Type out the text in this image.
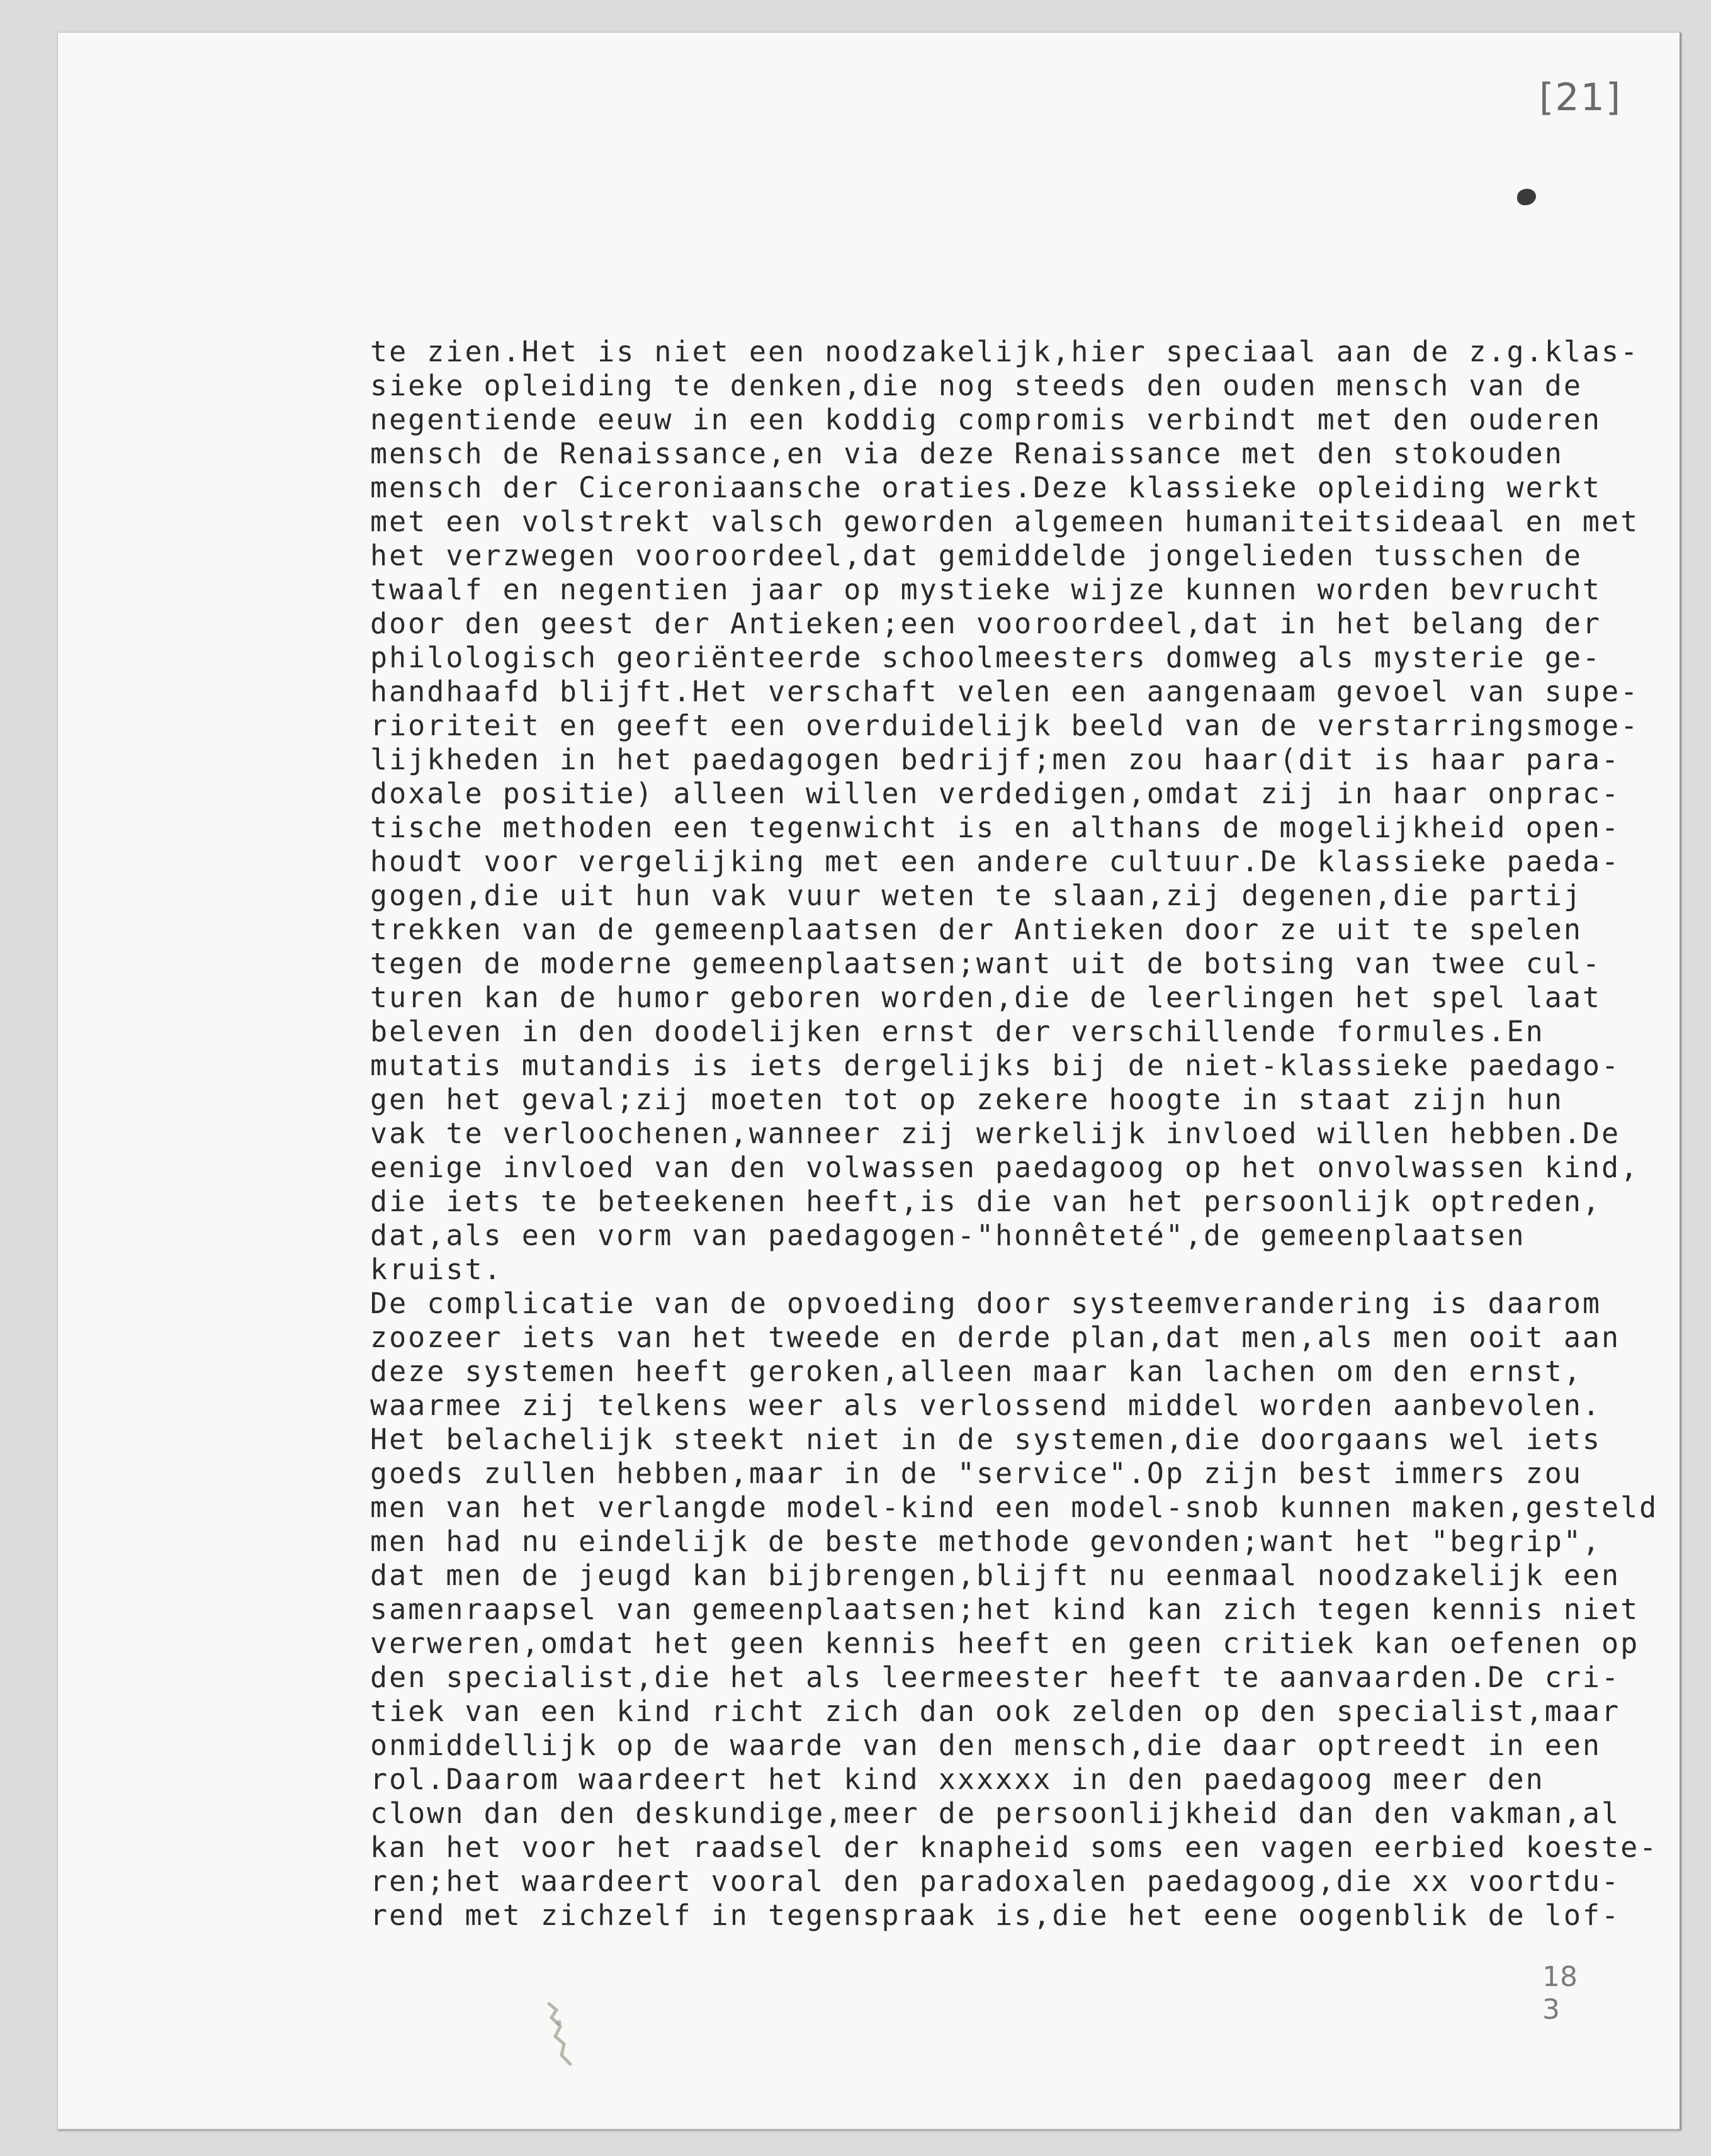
[21]
te zien.Het is niet een noodzakelijk,hier speciaal aan de z.g.klas-
sieke opleiding te denken,die nog steeds den ouden mensch van de
negentiende eeuw in een koddig compromis verbindt met den ouderen
mensch de Renaissance,en via deze Renaissance met den stokouden
mensch der Ciceroniaansche oraties.Deze klassieke opleiding werkt
met een volstrekt valsch geworden algemeen humaniteitsideaal en met
het verzwegen vooroordeel,dat gemiddelde jongelieden tusschen de
twaalf en negentien jaar op mystieke wijze kunnen worden bevrucht
door den geest der Antieken;een vooroordeel,dat in het belang der
philologisch georiënteerde schoolmeesters domweg als mysterie ge-
handhaafd blijft.Het verschaft velen een aangenaam gevoel van supe-
rioriteit en geeft een overduidelijk beeld van de verstarringsmoge-
lijkheden in het paedagogen bedrijf;men zou haar(dit is haar para-
doxale positie) alleen willen verdedigen,omdat zij in haar onprac-
tische methoden een tegenwicht is en althans de mogelijkheid open-
houdt voor vergelijking met een andere cultuur.De klassieke paeda-
gogen,die uit hun vak vuur weten te slaan,zij degenen,die partij
trekken van de gemeenplaatsen der Antieken door ze uit te spelen
tegen de moderne gemeenplaatsen;want uit de botsing van twee cul-
turen kan de humor geboren worden,die de leerlingen het spel laat
beleven in den doodelijken ernst der verschillende formules.En
mutatis mutandis is iets dergelijks bij de niet-klassieke paedago-
gen het geval;zij moeten tot op zekere hoogte in staat zijn hun
vak te verloochenen,wanneer zij werkelijk invloed willen hebben.De
eenige invloed van den volwassen paedagoog op het onvolwassen kind,
die iets te beteekenen heeft,is die van het persoonlijk optreden,
dat,als een vorm van paedagogen-"honnêteté",de gemeenplaatsen
kruist.
De complicatie van de opvoeding door systeemverandering is daarom
zoozeer iets van het tweede en derde plan,dat men,als men ooit aan
deze systemen heeft geroken,alleen maar kan lachen om den ernst,
waarmee zij telkens weer als verlossend middel worden aanbevolen.
Het belachelijk steekt niet in de systemen,die doorgaans wel iets
goeds zullen hebben,maar in de "service".Op zijn best immers zou
men van het verlangde model-kind een model-snob kunnen maken,gesteld
men had nu eindelijk de beste methode gevonden;want het "begrip",
dat men de jeugd kan bijbrengen,blijft nu eenmaal noodzakelijk een
samenraapsel van gemeenplaatsen;het kind kan zich tegen kennis niet
verweren,omdat het geen kennis heeft en geen critiek kan oefenen op
den specialist,die het als leermeester heeft te aanvaarden.De cri-
tiek van een kind richt zich dan ook zelden op den specialist,maar
onmiddellijk op de waarde van den mensch,die daar optreedt in een
rol.Daarom waardeert het kind xxxxxx in den paedagoog meer den
clown dan den deskundige,meer de persoonlijkheid dan den vakman,al
kan het voor het raadsel der knapheid soms een vagen eerbied koeste-
ren;het waardeert vooral den paradoxalen paedagoog,die xx voortdu-
rend met zichzelf in tegenspraak is,die het eene oogenblik de lof-
18
3
